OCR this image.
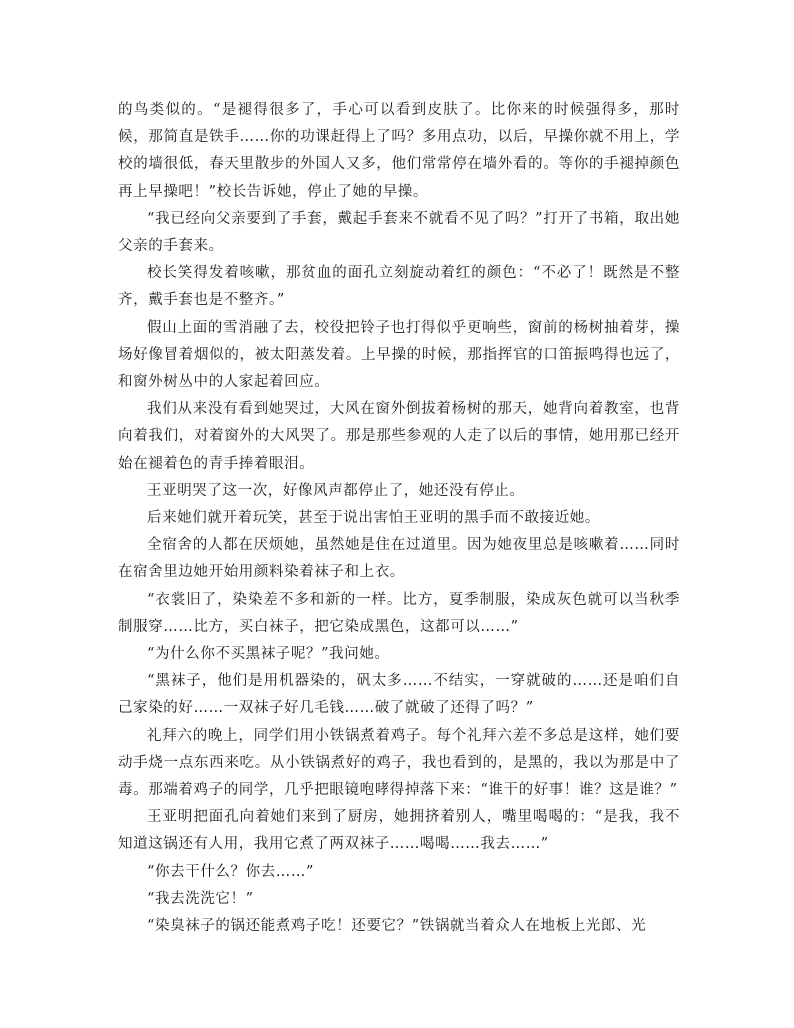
的鸟类似的。“是褪得很多了，手心可以看到皮肤了。比你来的时候强得多，那时候，那简直是铁手……你的功课赶得上了吗？多用点功，以后，早操你就不用上，学校的墙很低，春天里散步的外国人又多，他们常常停在墙外看的。等你的手褪掉颜色再上早操吧！”校长告诉她，停止了她的早操。

“我已经向父亲要到了手套，戴起手套来不就看不见了吗？”打开了书箱，取出她父亲的手套来。

校长笑得发着咳嗽，那贫血的面孔立刻旋动着红的颜色：“不必了！既然是不整齐，戴手套也是不整齐。”

假山上面的雪消融了去，校役把铃子也打得似乎更响些，窗前的杨树抽着芽，操场好像冒着烟似的，被太阳蒸发着。上早操的时候，那指挥官的口笛振鸣得也远了，和窗外树丛中的人家起着回应。

我们从来没有看到她哭过，大风在窗外倒拔着杨树的那天，她背向着教室，也背向着我们，对着窗外的大风哭了。那是那些参观的人走了以后的事情，她用那已经开始在褪着色的青手捧着眼泪。

王亚明哭了这一次，好像风声都停止了，她还没有停止。

后来她们就开着玩笑，甚至于说出害怕王亚明的黑手而不敢接近她。

全宿舍的人都在厌烦她，虽然她是住在过道里。因为她夜里总是咳嗽着……同时在宿舍里边她开始用颜料染着袜子和上衣。

“衣裳旧了，染染差不多和新的一样。比方，夏季制服，染成灰色就可以当秋季制服穿……比方，买白袜子，把它染成黑色，这都可以……”

“为什么你不买黑袜子呢？”我问她。

“黑袜子，他们是用机器染的，矾太多……不结实，一穿就破的……还是咱们自己家染的好……一双袜子好几毛钱……破了就破了还得了吗？”

礼拜六的晚上，同学们用小铁锅煮着鸡子。每个礼拜六差不多总是这样，她们要动手烧一点东西来吃。从小铁锅煮好的鸡子，我也看到的，是黑的，我以为那是中了毒。那端着鸡子的同学，几乎把眼镜咆哮得掉落下来：“谁干的好事！谁？这是谁？”

王亚明把面孔向着她们来到了厨房，她拥挤着别人，嘴里喝喝的：“是我，我不知道这锅还有人用，我用它煮了两双袜子……喝喝……我去……”

“你去干什么？你去……”

“我去洗洗它！”

“染臭袜子的锅还能煮鸡子吃！还要它？”铁锅就当着众人在地板上光郎、光
